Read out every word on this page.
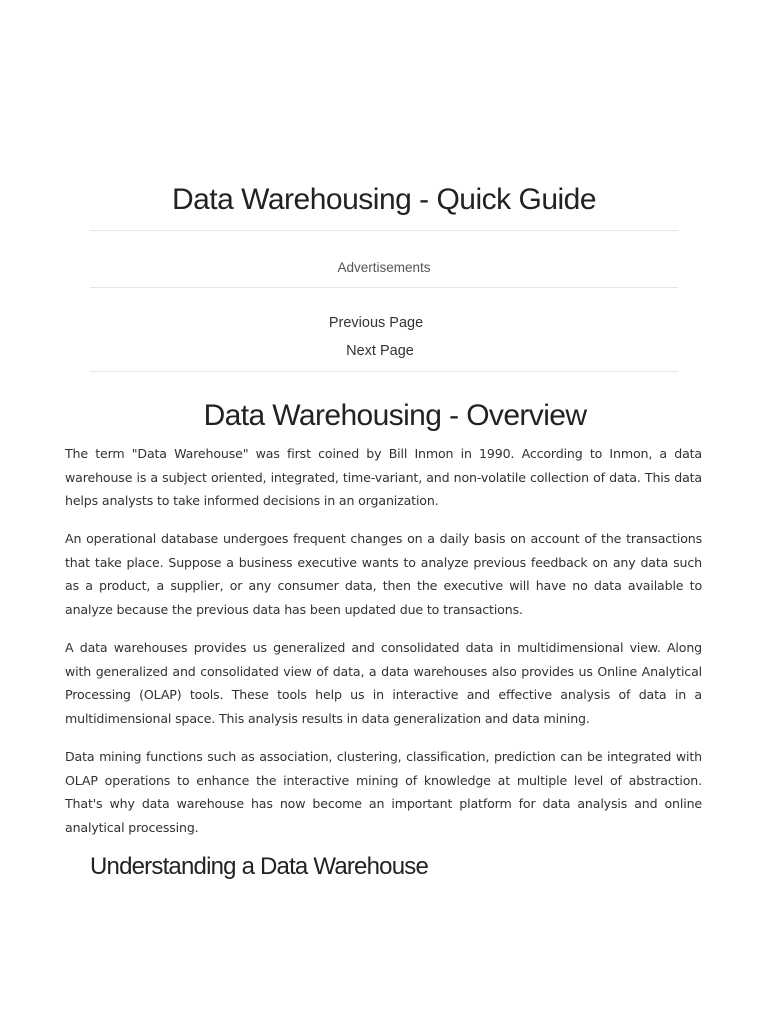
Data Warehousing - Quick Guide
Advertisements
Previous Page
Next Page
Data Warehousing - Overview

The term "Data Warehouse" was first coined by Bill Inmon in 1990. According to Inmon, a data warehouse is a subject oriented, integrated, time-variant, and non-volatile collection of data. This data helps analysts to take informed decisions in an organization.

An operational database undergoes frequent changes on a daily basis on account of the transactions that take place. Suppose a business executive wants to analyze previous feedback on any data such as a product, a supplier, or any consumer data, then the executive will have no data available to analyze because the previous data has been updated due to transactions.

A data warehouses provides us generalized and consolidated data in multidimensional view. Along with generalized and consolidated view of data, a data warehouses also provides us Online Analytical Processing (OLAP) tools. These tools help us in interactive and effective analysis of data in a multidimensional space. This analysis results in data generalization and data mining.

Data mining functions such as association, clustering, classification, prediction can be integrated with OLAP operations to enhance the interactive mining of knowledge at multiple level of abstraction. That's why data warehouse has now become an important platform for data analysis and online analytical processing.

Understanding a Data Warehouse
